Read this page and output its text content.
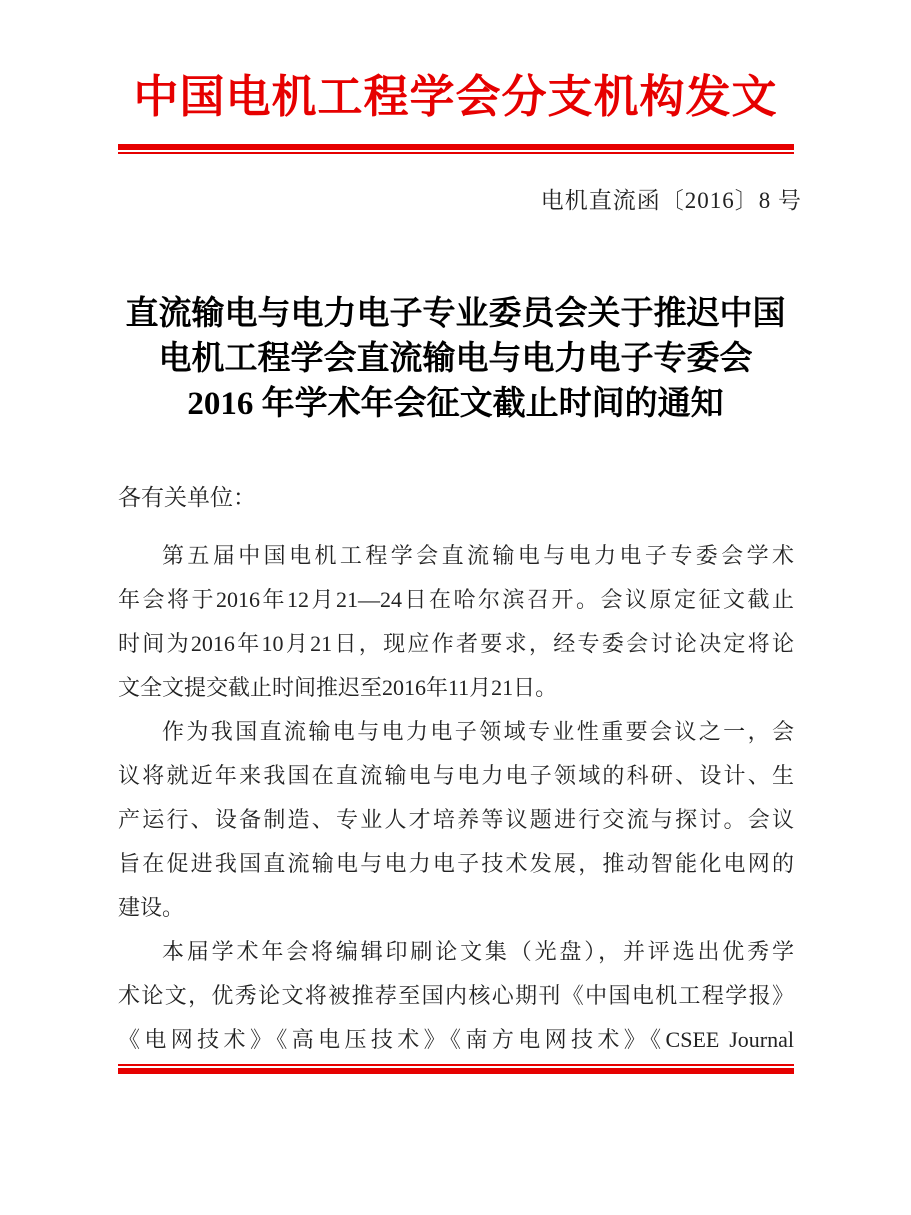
中国电机工程学会分支机构发文
电机直流函〔2016〕8 号
直流输电与电力电子专业委员会关于推迟中国
电机工程学会直流输电与电力电子专委会
2016 年学术年会征文截止时间的通知
各有关单位：
第五届中国电机工程学会直流输电与电力电子专委会学术
年会将于2016年12月21—24日在哈尔滨召开。会议原定征文截止
时间为2016年10月21日，现应作者要求，经专委会讨论决定将论
文全文提交截止时间推迟至2016年11月21日。
作为我国直流输电与电力电子领域专业性重要会议之一，会
议将就近年来我国在直流输电与电力电子领域的科研、设计、生
产运行、设备制造、专业人才培养等议题进行交流与探讨。会议
旨在促进我国直流输电与电力电子技术发展，推动智能化电网的
建设。
本届学术年会将编辑印刷论文集（光盘），并评选出优秀学
术论文，优秀论文将被推荐至国内核心期刊《中国电机工程学报》
《电网技术》《高电压技术》《南方电网技术》《CSEE Journal
